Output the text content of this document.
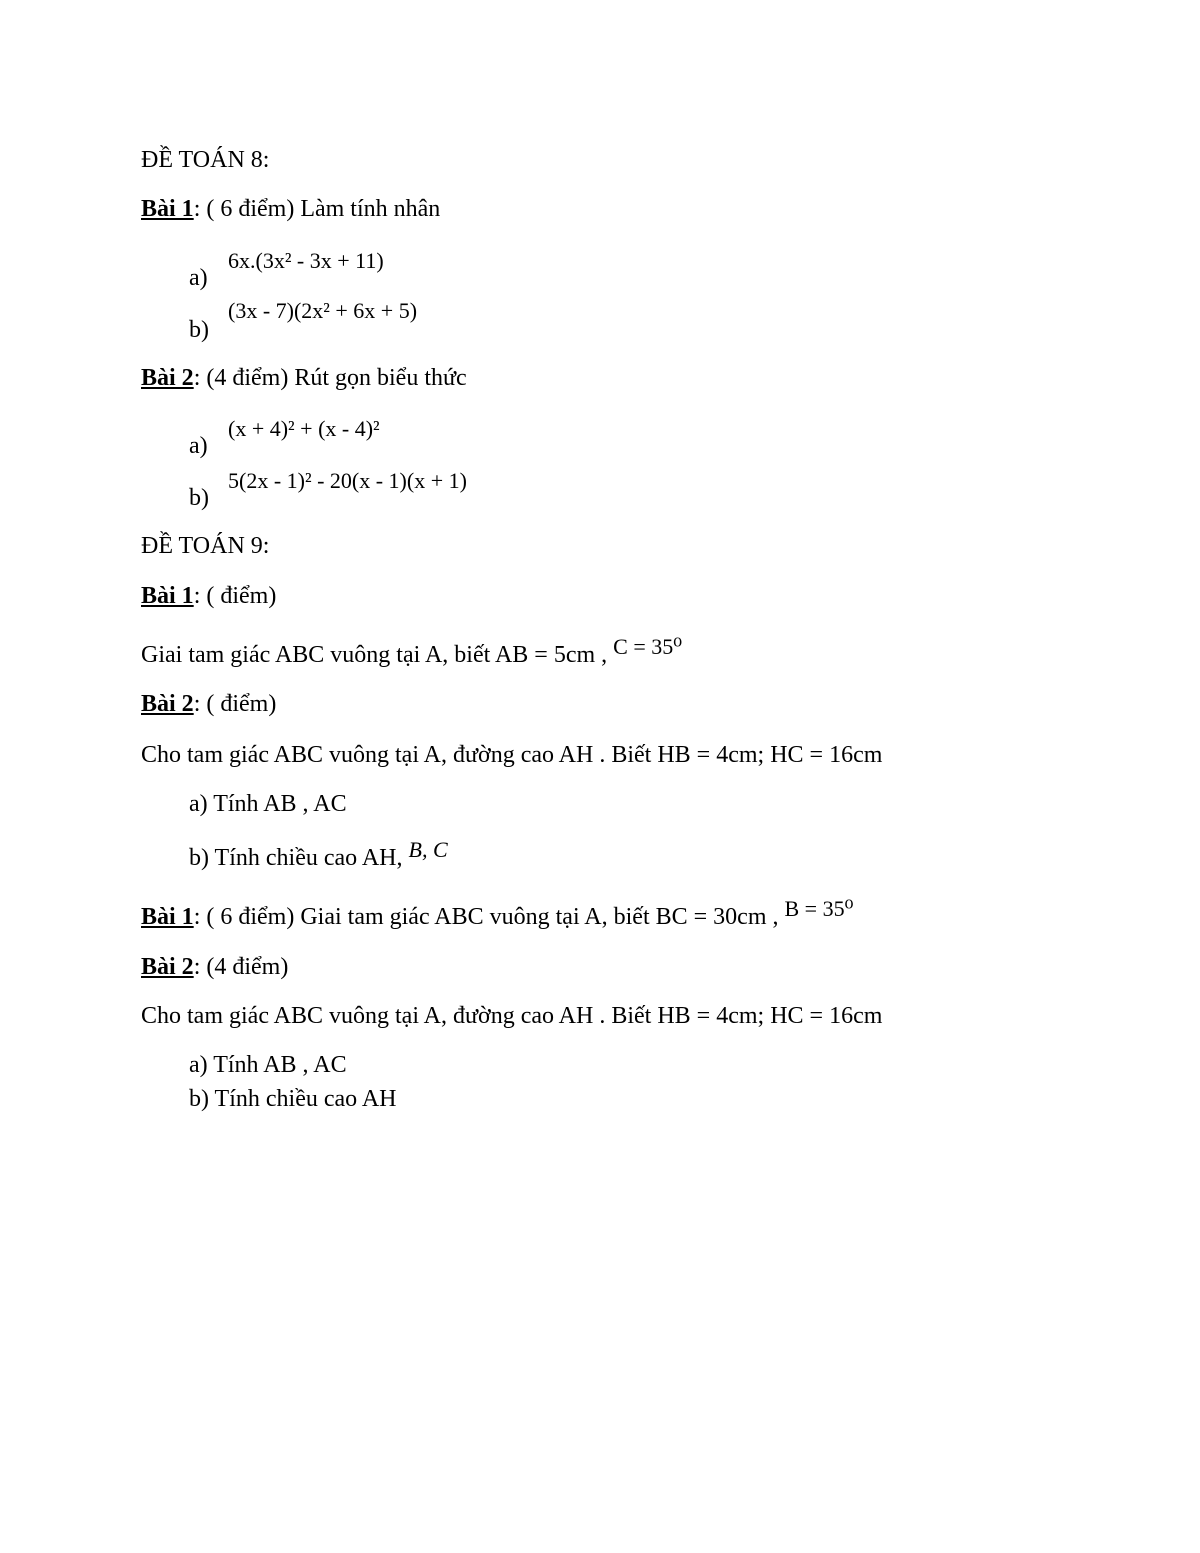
ĐỀ TOÁN 8:
Bài 1: ( 6 điểm) Làm tính nhân
a)
6x.(3x² - 3x + 11)
b)
(3x - 7)(2x² + 6x + 5)
Bài 2: (4 điểm) Rút gọn biểu thức
a)
(x + 4)² + (x - 4)²
b)
5(2x - 1)² - 20(x - 1)(x + 1)
ĐỀ TOÁN 9:
Bài 1: ( điểm)
Giai tam giác ABC vuông tại A, biết AB = 5cm , C = 35⁰
Bài 2: ( điểm)
Cho tam giác ABC vuông tại A, đường cao AH . Biết HB = 4cm; HC = 16cm
a) Tính AB , AC
b) Tính chiều cao AH, B, C
Bài 1: ( 6 điểm) Giai tam giác ABC vuông tại A, biết BC = 30cm , B = 35⁰
Bài 2: (4 điểm)
Cho tam giác ABC vuông tại A, đường cao AH . Biết HB = 4cm; HC = 16cm
a) Tính AB , AC
b) Tính chiều cao AH
